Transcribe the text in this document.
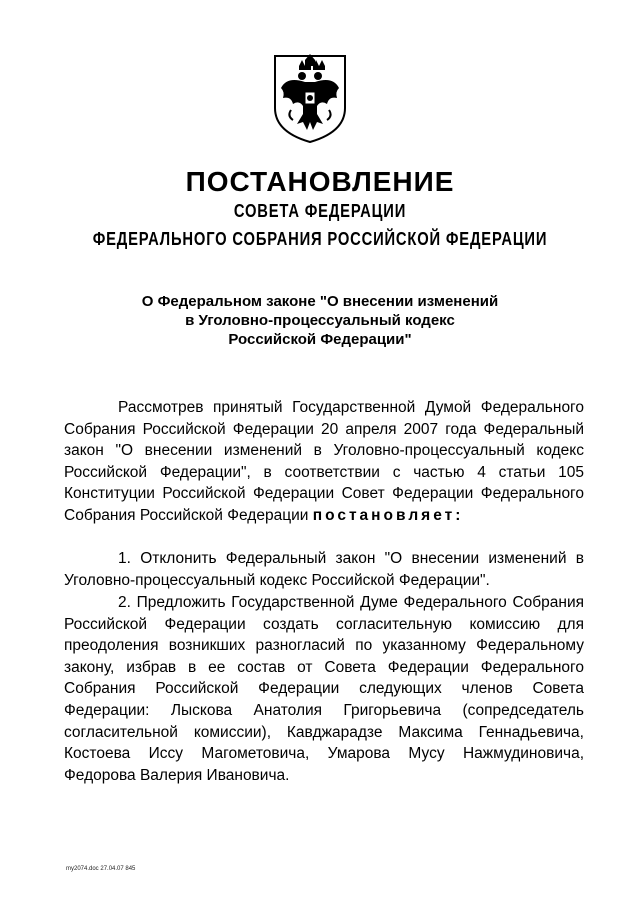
ПОСТАНОВЛЕНИЕ
СОВЕТА ФЕДЕРАЦИИ
ФЕДЕРАЛЬНОГО СОБРАНИЯ РОССИЙСКОЙ ФЕДЕРАЦИИ
О Федеральном законе "О внесении изменений
в Уголовно-процессуальный кодекс
Российской Федерации"
Рассмотрев принятый Государственной Думой Федерального Собрания Российской Федерации 20 апреля 2007 года Федеральный закон "О внесении изменений в Уголовно-процессуальный кодекс Российской Федерации", в соответствии с частью 4 статьи 105 Конституции Российской Федерации Совет Федерации Федерального Собрания Российской Федерации постановляет:
1. Отклонить Федеральный закон "О внесении изменений в Уголовно-процессуальный кодекс Российской Федерации".
2. Предложить Государственной Думе Федерального Собрания Российской Федерации создать согласительную комиссию для преодоления возникших разногласий по указанному Федеральному закону, избрав в ее состав от Совета Федерации Федерального Собрания Российской Федерации следующих членов Совета Федерации: Лыскова Анатолия Григорьевича (сопредседатель согласительной комиссии), Кавджарадзе Максима Геннадьевича, Костоева Иссу Магометовича, Умарова Мусу Нажмудиновича, Федорова Валерия Ивановича.
my2074.doc 27.04.07 845
